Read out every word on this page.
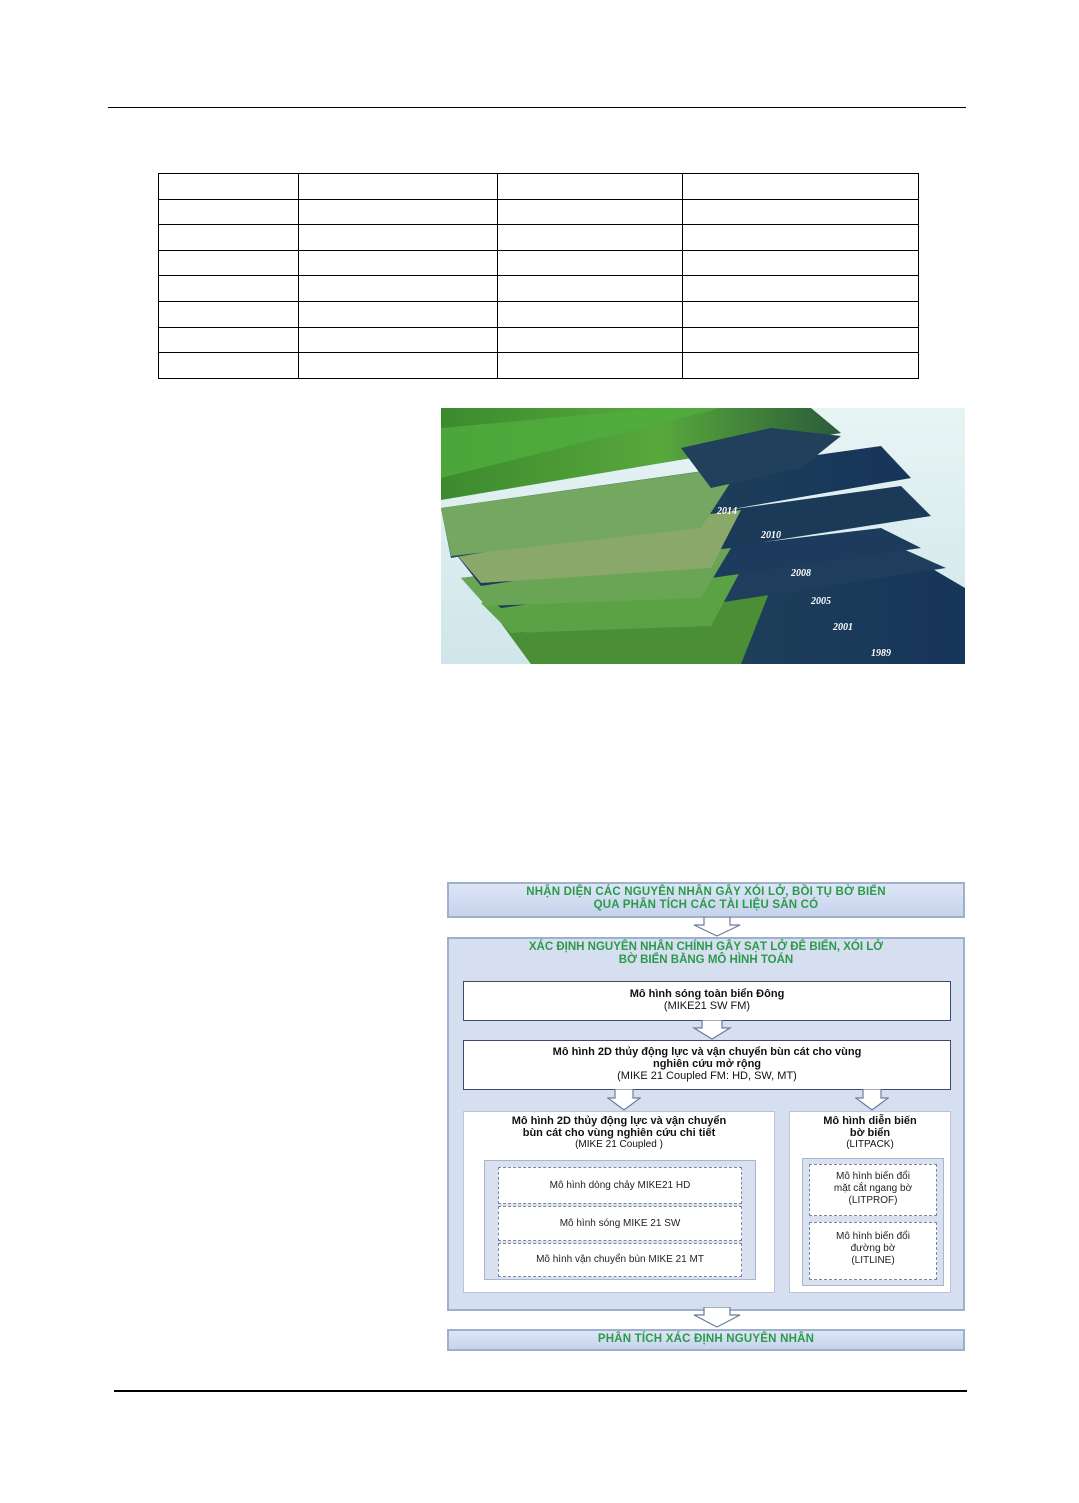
2014
2010
2008
2005
2001
1989
NHẬN DIỆN CÁC NGUYÊN NHÂN GÂY XÓI LỞ, BỒI TỤ BỜ BIỂN
QUA PHÂN TÍCH CÁC TÀI LIỆU SẴN CÓ
XÁC ĐỊNH NGUYÊN NHÂN CHÍNH GÂY SẠT LỞ ĐÊ BIỂN, XÓI LỞ
BỜ BIỂN BẰNG MÔ HÌNH TOÁN
Mô hình sóng toàn biển Đông
(MIKE21 SW FM)
Mô hình 2D thủy động lực và vận chuyển bùn cát cho vùng
nghiên cứu mở rộng
(MIKE 21 Coupled FM: HD, SW, MT)
Mô hình 2D thủy động lực và vận chuyển
bùn cát cho vùng nghiên cứu chi tiết
(MIKE 21 Coupled )
Mô hình dòng chảy MIKE21 HD
Mô hình sóng MIKE 21 SW
Mô hình vận chuyển bùn MIKE 21 MT
Mô hình diễn biến
bờ biển
(LITPACK)
Mô hình biến đổi
mặt cắt ngang bờ
(LITPROF)
Mô hình biến đổi
đường bờ
(LITLINE)
PHÂN TÍCH XÁC ĐỊNH NGUYÊN NHÂN
